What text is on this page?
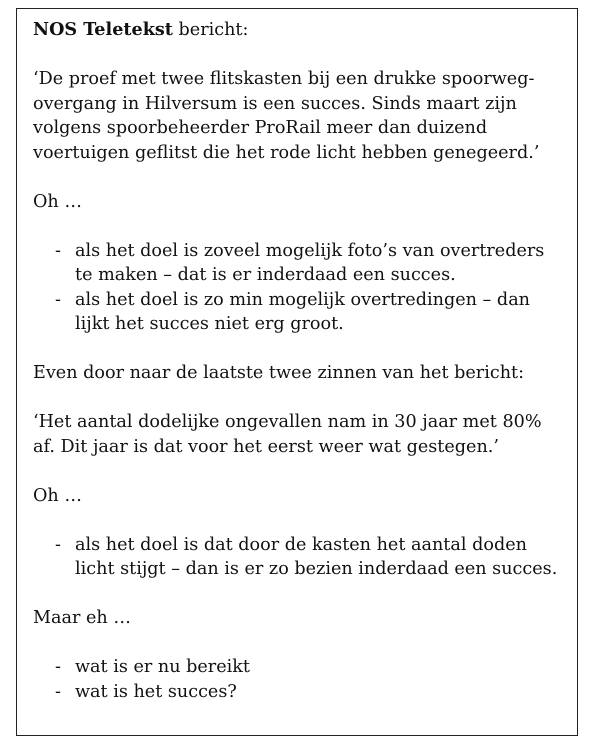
NOS Teletekst bericht:

‘De proef met twee flitskasten bij een drukke spoorweg-

overgang in Hilversum is een succes. Sinds maart zijn

volgens spoorbeheerder ProRail meer dan duizend

voertuigen geflitst die het rode licht hebben genegeerd.’

Oh …

- als het doel is zoveel mogelijk foto’s van overtreders

te maken – dat is er inderdaad een succes.

- als het doel is zo min mogelijk overtredingen – dan

lijkt het succes niet erg groot.

Even door naar de laatste twee zinnen van het bericht:

‘Het aantal dodelijke ongevallen nam in 30 jaar met 80%

af. Dit jaar is dat voor het eerst weer wat gestegen.’

Oh …

- als het doel is dat door de kasten het aantal doden

licht stijgt – dan is er zo bezien inderdaad een succes.

Maar eh …

- wat is er nu bereikt

- wat is het succes?
